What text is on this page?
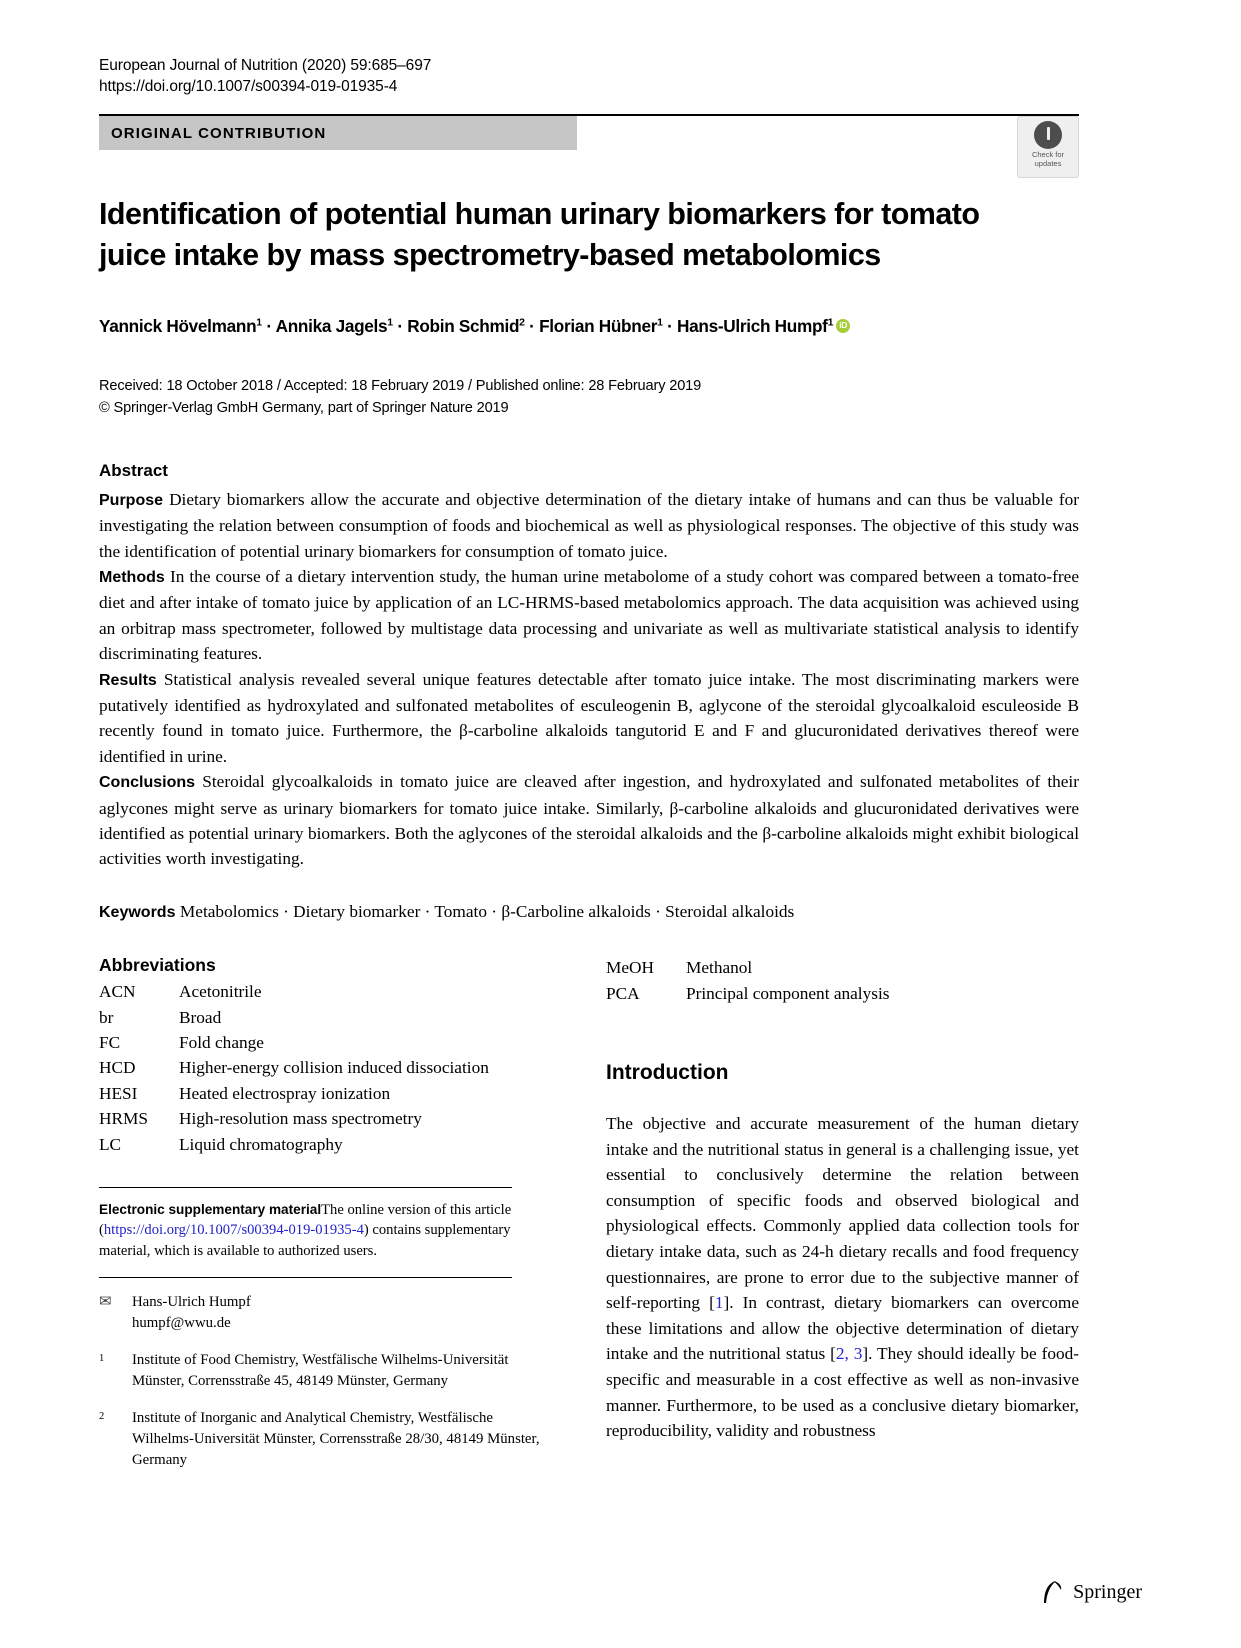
European Journal of Nutrition (2020) 59:685–697
https://doi.org/10.1007/s00394-019-01935-4
ORIGINAL CONTRIBUTION
Check for
updates
Identification of potential human urinary biomarkers for tomato juice intake by mass spectrometry-based metabolomics
Yannick Hövelmann$^1$ · Annika Jagels$^1$ · Robin Schmid$^2$ · Florian Hübner$^1$ · Hans-Ulrich Humpf$^1$iD
Received: 18 October 2018 / Accepted: 18 February 2019 / Published online: 28 February 2019
© Springer-Verlag GmbH Germany, part of Springer Nature 2019
Abstract

Purpose Dietary biomarkers allow the accurate and objective determination of the dietary intake of humans and can thus be valuable for investigating the relation between consumption of foods and biochemical as well as physiological responses. The objective of this study was the identification of potential urinary biomarkers for consumption of tomato juice.

Methods In the course of a dietary intervention study, the human urine metabolome of a study cohort was compared between a tomato-free diet and after intake of tomato juice by application of an LC-HRMS-based metabolomics approach. The data acquisition was achieved using an orbitrap mass spectrometer, followed by multistage data processing and univariate as well as multivariate statistical analysis to identify discriminating features.

Results Statistical analysis revealed several unique features detectable after tomato juice intake. The most discriminating markers were putatively identified as hydroxylated and sulfonated metabolites of esculeogenin B, aglycone of the steroidal glycoalkaloid esculeoside B recently found in tomato juice. Furthermore, the β-carboline alkaloids tangutorid E and F and glucuronidated derivatives thereof were identified in urine.

Conclusions Steroidal glycoalkaloids in tomato juice are cleaved after ingestion, and hydroxylated and sulfonated metabolites of their aglycones might serve as urinary biomarkers for tomato juice intake. Similarly, β-carboline alkaloids and glucuronidated derivatives were identified as potential urinary biomarkers. Both the aglycones of the steroidal alkaloids and the β-carboline alkaloids might exhibit biological activities worth investigating.

Keywords Metabolomics · Dietary biomarker · Tomato · β-Carboline alkaloids · Steroidal alkaloids
Abbreviations
ACN	Acetonitrile
br	Broad
FC	Fold change
HCD	Higher-energy collision induced dissociation
HESI	Heated electrospray ionization
HRMS	High-resolution mass spectrometry
LC	Liquid chromatography
Electronic supplementary materialThe online version of this article (https://doi.org/10.1007/s00394-019-01935-4) contains supplementary material, which is available to authorized users.
✉	Hans-Ulrich Humpf
humpf@wwu.de
1	Institute of Food Chemistry, Westfälische Wilhelms-Universität Münster, Corrensstraße 45, 48149 Münster, Germany
2	Institute of Inorganic and Analytical Chemistry, Westfälische Wilhelms-Universität Münster, Corrensstraße 28/30, 48149 Münster, Germany
MeOH	Methanol
PCA	Principal component analysis
Introduction

The objective and accurate measurement of the human dietary intake and the nutritional status in general is a challenging issue, yet essential to conclusively determine the relation between consumption of specific foods and observed biological and physiological effects. Commonly applied data collection tools for dietary intake data, such as 24-h dietary recalls and food frequency questionnaires, are prone to error due to the subjective manner of self-reporting [1]. In contrast, dietary biomarkers can overcome these limitations and allow the objective determination of dietary intake and the nutritional status [2, 3]. They should ideally be food-specific and measurable in a cost effective as well as non-invasive manner. Furthermore, to be used as a conclusive dietary biomarker, reproducibility, validity and robustness

Springer
